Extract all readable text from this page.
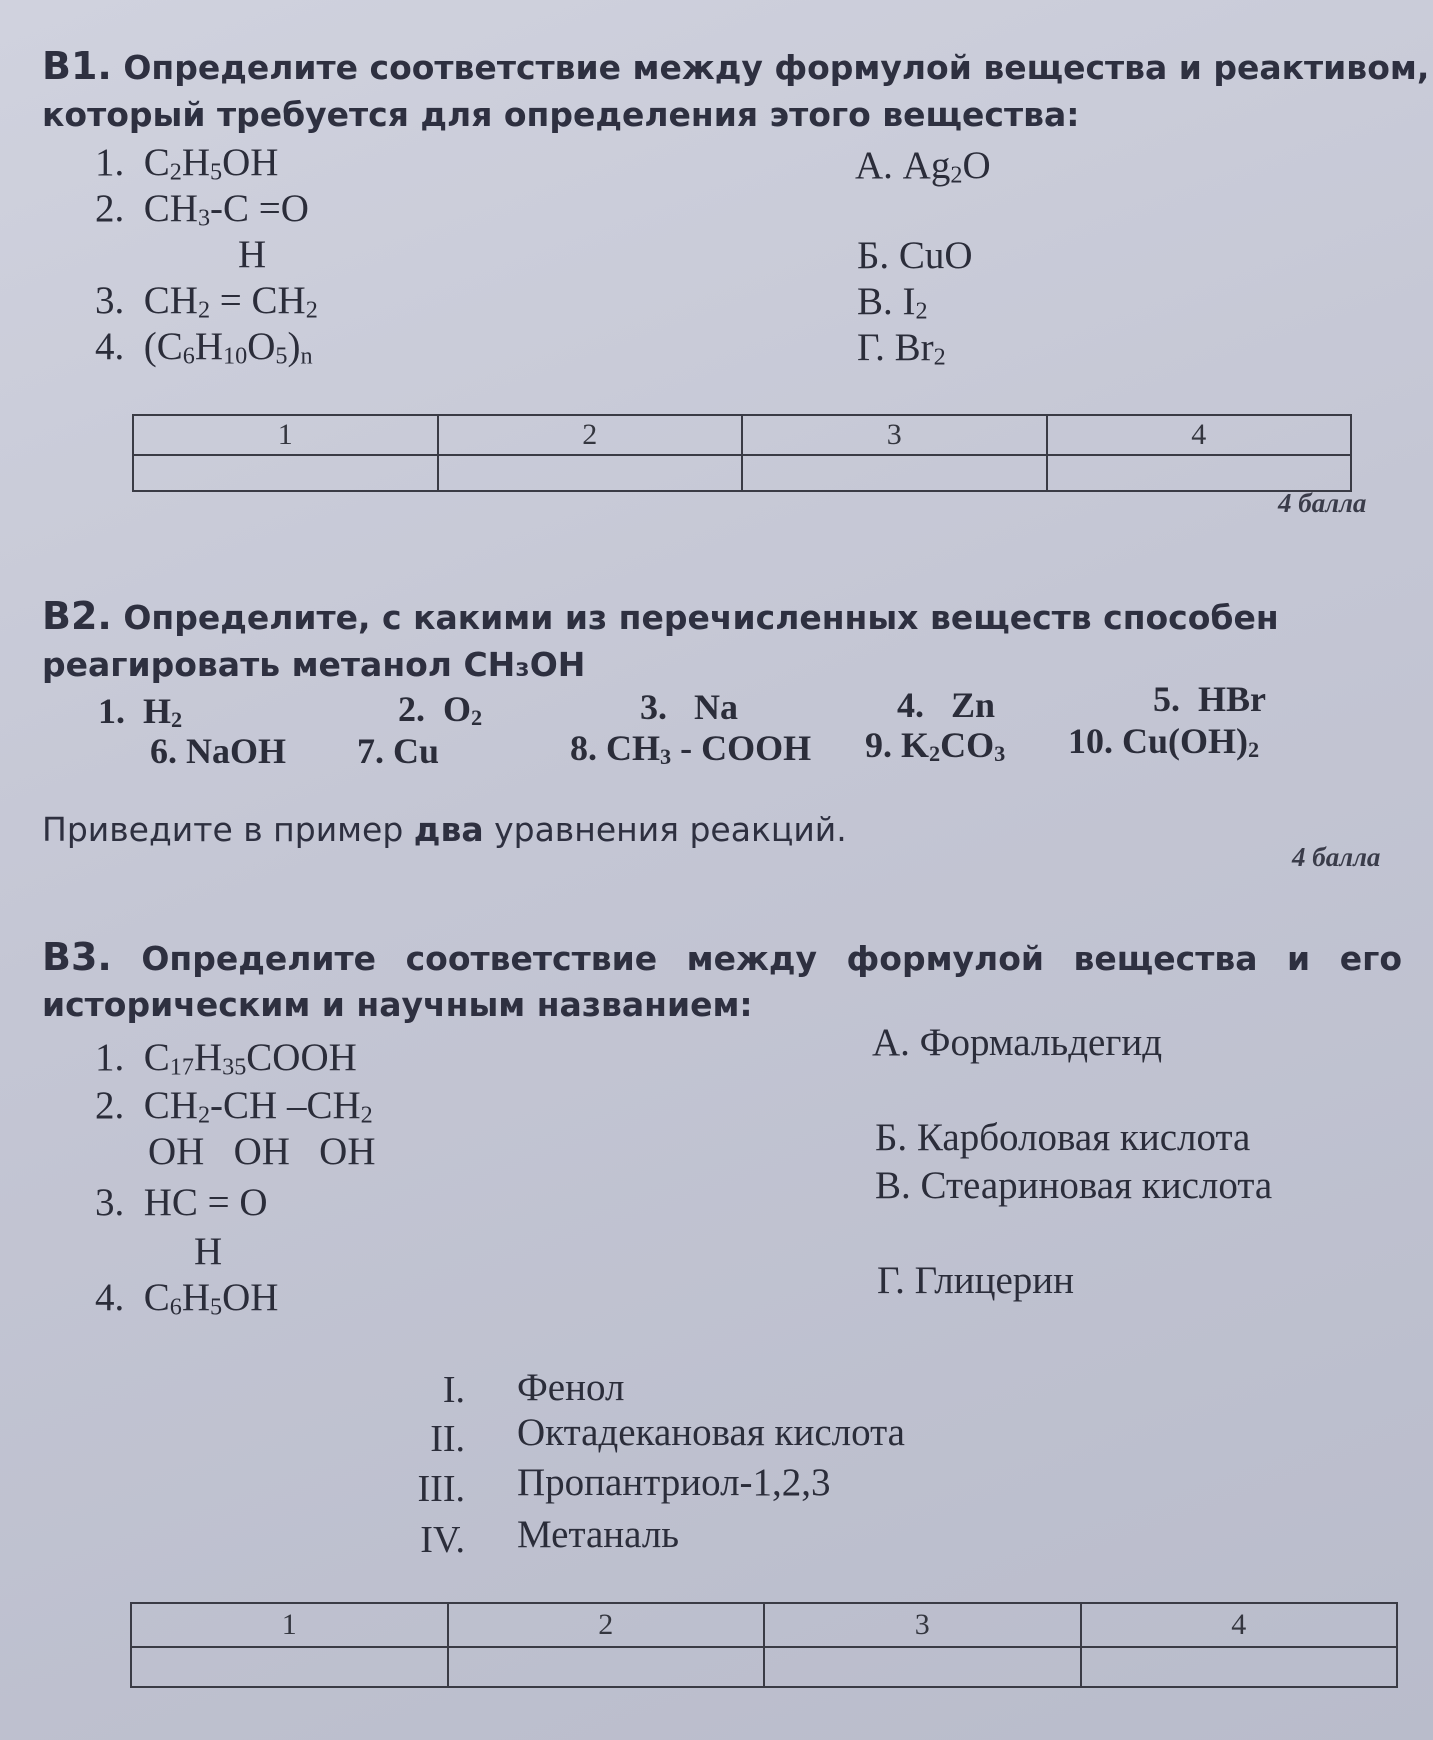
В1. Определите соответствие между формулой вещества и реактивом,
который требуется для определения этого вещества:
1. $C_2H_5OH$
2. $CH_3-C =O$
H
3. $CH_2 = CH_2$
4. $(C_6H_{10}O_5)_n$
А. $Ag_2O$
Б. CuO
В. $I_2$
Г. $Br_2$
1	2	3	4

4 балла
В2. Определите, с какими из перечисленных веществ способен
реагировать метанол CH₃OH
1. $H_2$	2. $O_2$	3. Na	4. Zn	5. HBr
6. NaOH 7. Cu	8. $CH_3$ - COOH 9. $K_2CO_3$ 10. $Cu(OH)_2$
Приведите в пример два уравнения реакций.
4 балла
В3. Определите соответствие между формулой вещества и его
историческим и научным названием:
1. $C_{17}H_{35}COOH$
2. $CH_2-CH$ $-CH_2$
OH   OH   OH
3. HC = O
H
4. $C_6H_5OH$
А. Формальдегид
Б. Карболовая кислота
В. Стеариновая кислота
Г. Глицерин
I. Фенол
II. Октадекановая кислота
III. Пропантриол-1,2,3
IV. Метаналь
1	2	3	4
